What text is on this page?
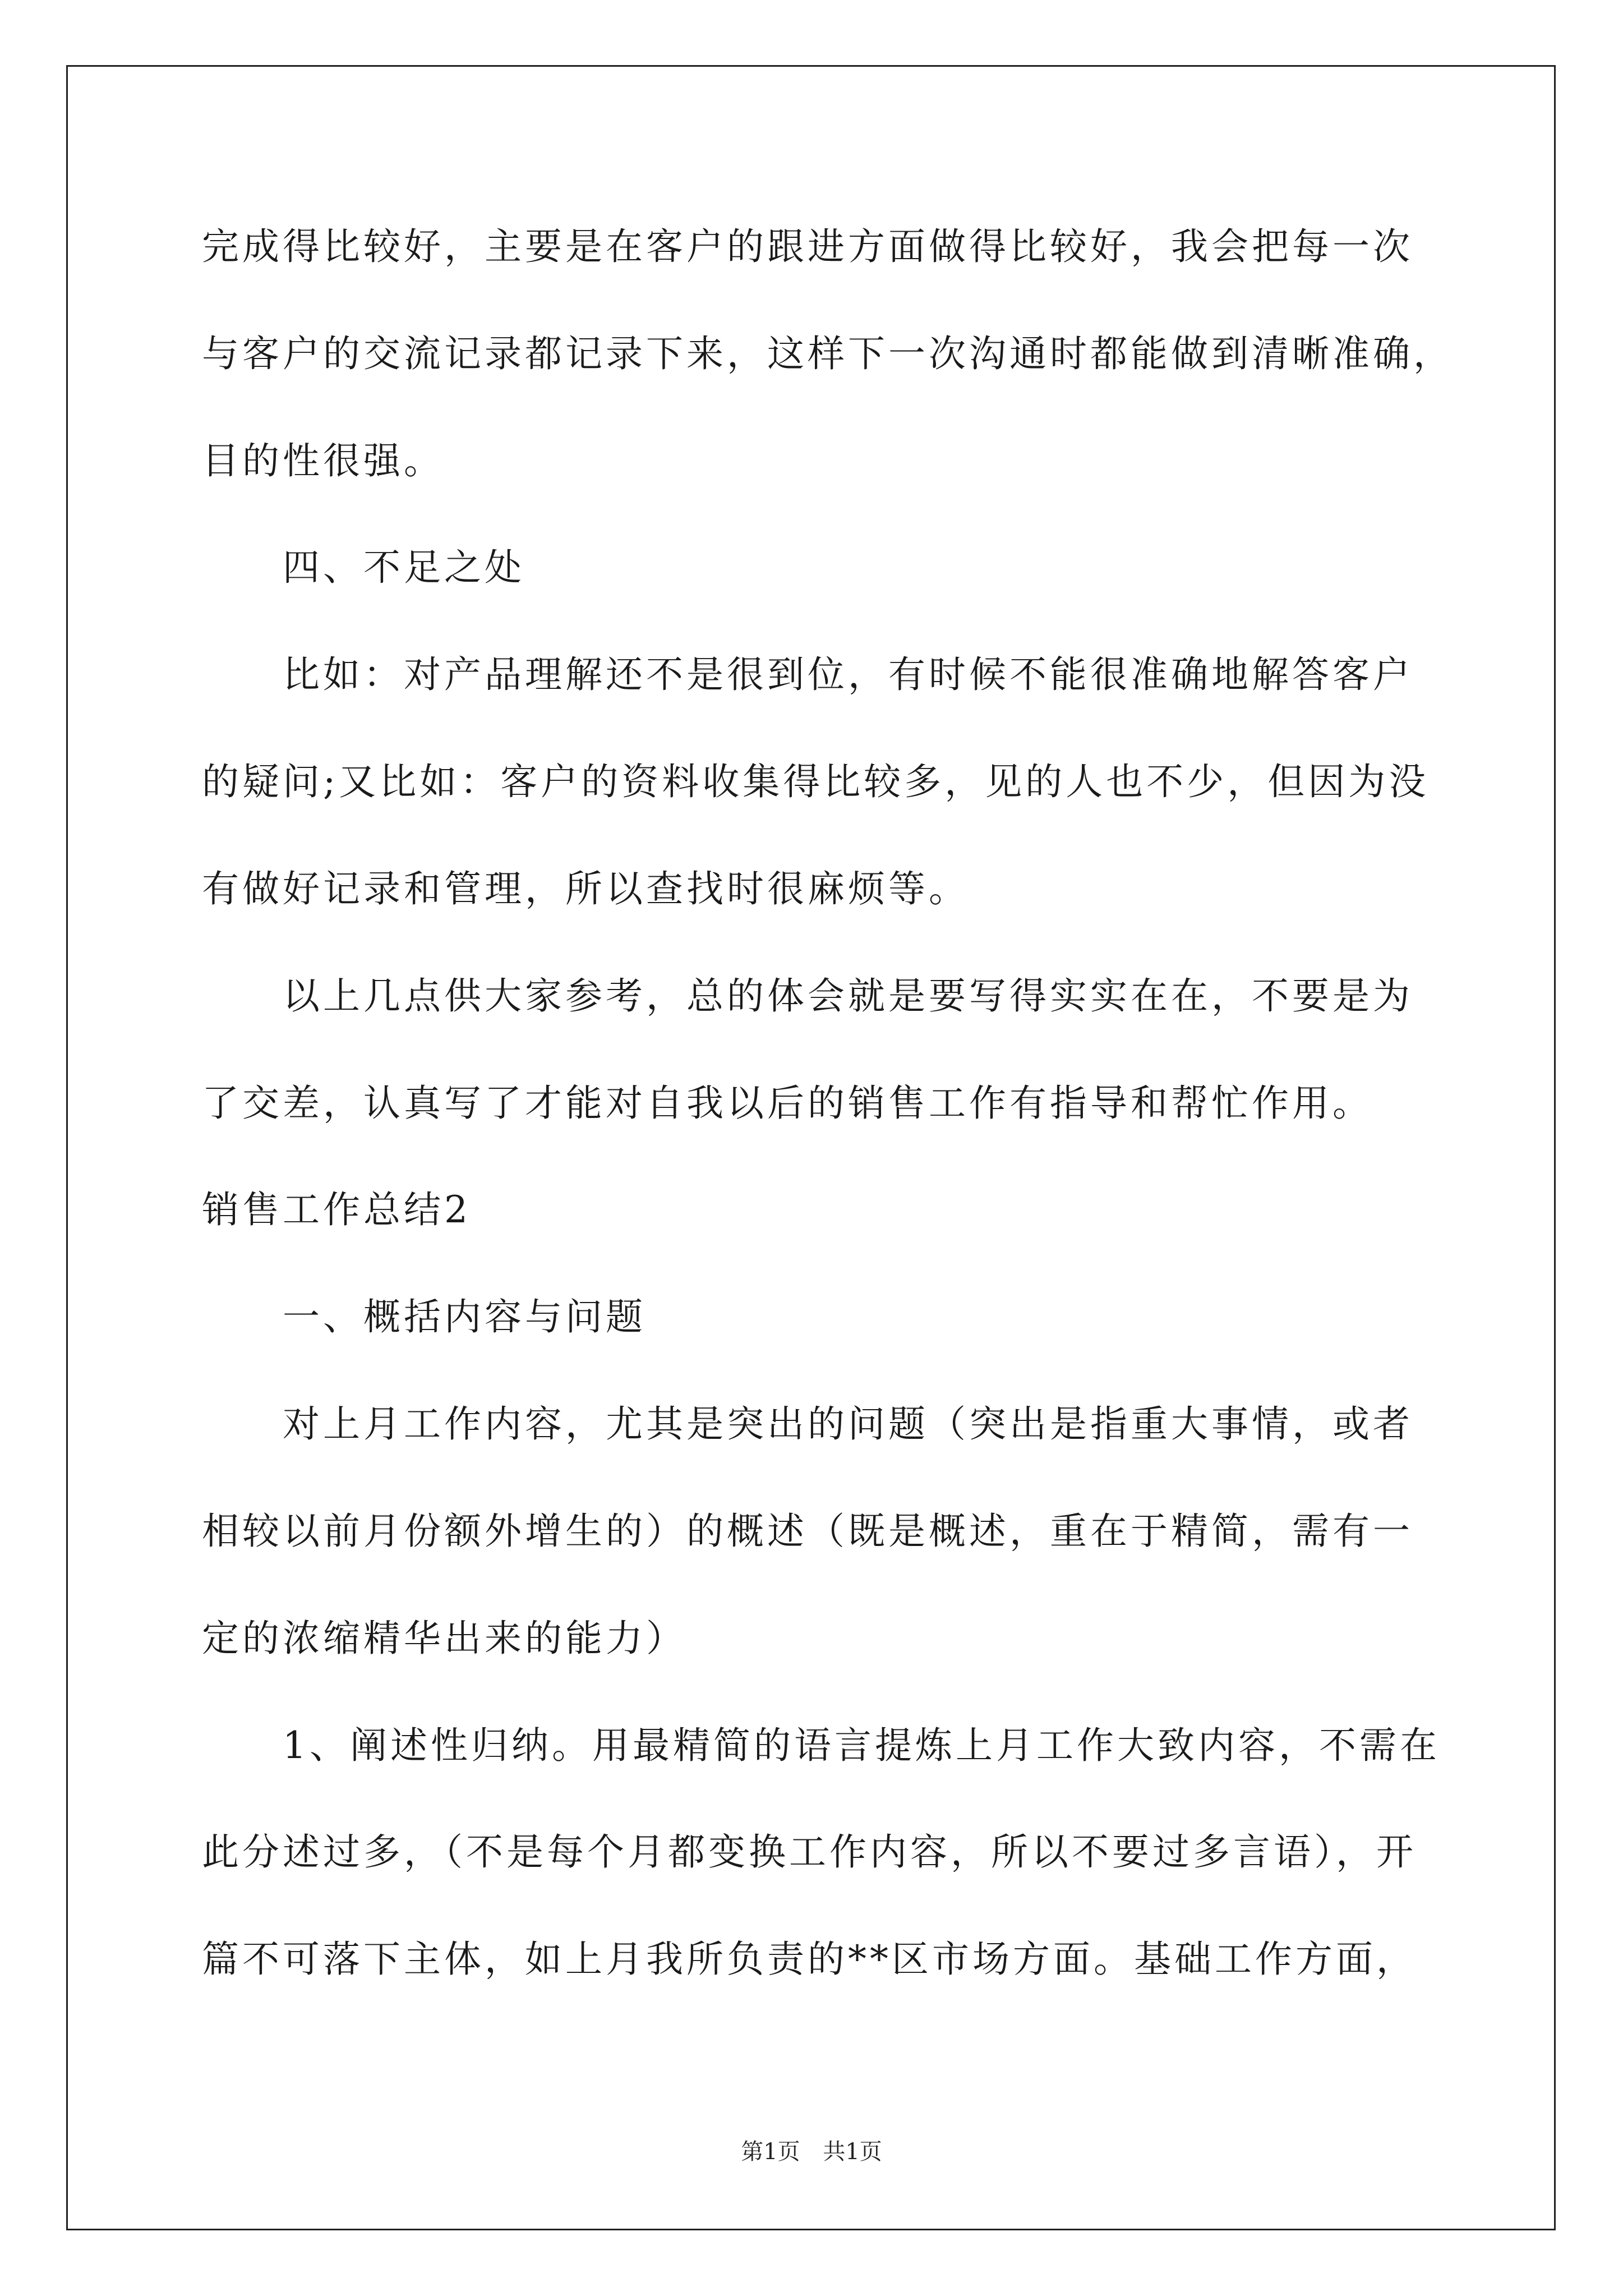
完成得比较好，主要是在客户的跟进方面做得比较好，我会把每一次
与客户的交流记录都记录下来，这样下一次沟通时都能做到清晰准确，
目的性很强。
四、不足之处
比如：对产品理解还不是很到位，有时候不能很准确地解答客户
的疑问;又比如：客户的资料收集得比较多，见的人也不少，但因为没
有做好记录和管理，所以查找时很麻烦等。
以上几点供大家参考，总的体会就是要写得实实在在，不要是为
了交差，认真写了才能对自我以后的销售工作有指导和帮忙作用。
销售工作总结2
一、概括内容与问题
对上月工作内容，尤其是突出的问题（突出是指重大事情，或者
相较以前月份额外增生的）的概述（既是概述，重在于精简，需有一
定的浓缩精华出来的能力）
1、阐述性归纳。用最精简的语言提炼上月工作大致内容，不需在
此分述过多，（不是每个月都变换工作内容，所以不要过多言语），开
篇不可落下主体，如上月我所负责的**区市场方面。基础工作方面，
第1页 共1页
